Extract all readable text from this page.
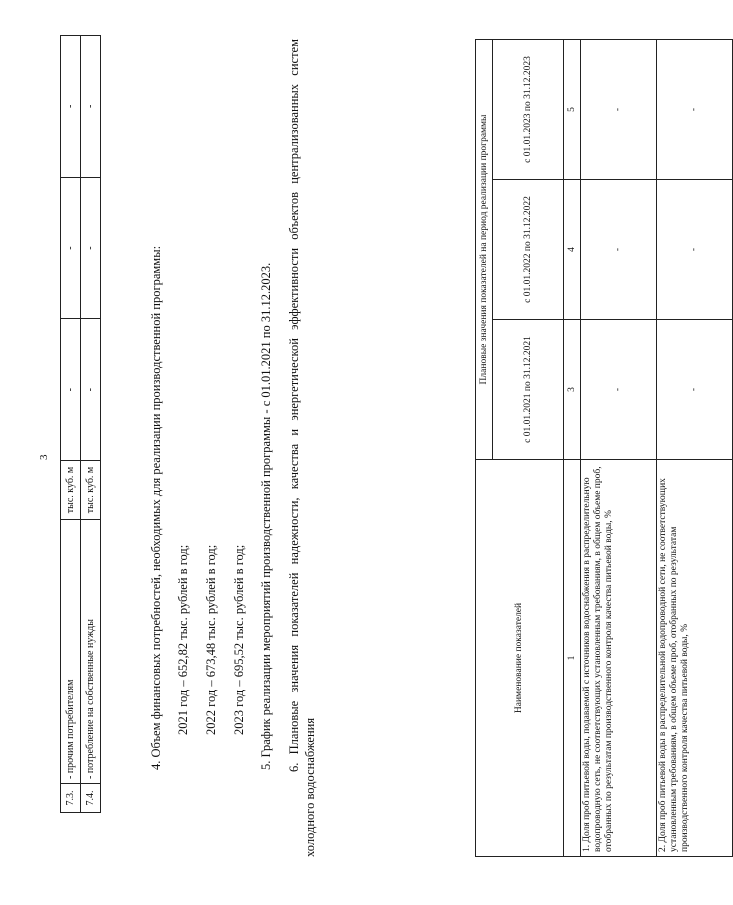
3
7.3.	- прочим потребителям	тыс. куб. м	-	-	-
7.4.	- потребление на собственные нужды	тыс. куб. м	-	-	-
4. Объем финансовых потребностей, необходимых для реализации производственной программы: 2021 год – 652,82 тыс. рублей в год; 2022 год – 673,48 тыс. рублей в год; 2023 год – 695,52 тыс. рублей в год; 5. График реализации мероприятий производственной программы - с 01.01.2021 по 31.12.2023. 6. Плановые значения показателей надежности, качества и энергетической эффективности объектов централизованных систем холодного водоснабжения
Наименование показателей	Плановые значения показателей на период реализации программы		
	с 01.01.2021 по 31.12.2021	с 01.01.2022 по 31.12.2022	с 01.01.2023 по 31.12.2023
1	3	4	5
1. Доля проб питьевой воды, подаваемой с источников водоснабжения в распределительную водопроводную сеть, не соответствующих установленным требованиям, в общем объеме проб, отобранных по результатам производственного контроля качества питьевой воды, %	-	-	-
2. Доля проб питьевой воды в распределительной водопроводной сети, не соответствующих установленным требованиям, в общем объеме проб, отобранных по результатам производственного контроля качества питьевой воды, %	-	-	-
